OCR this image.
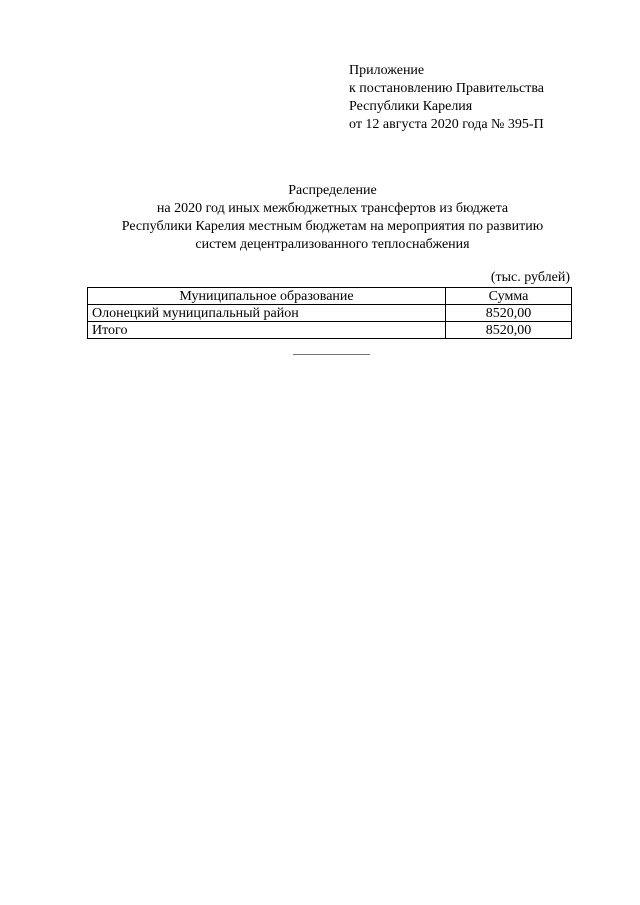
Приложение
к постановлению Правительства
Республики Карелия
от 12 августа 2020 года № 395-П
Распределение
на 2020 год иных межбюджетных трансфертов из бюджета
Республики Карелия местным бюджетам на мероприятия по развитию
систем децентрализованного теплоснабжения
(тыс. рублей)
Муниципальное образование	Сумма
Олонецкий муниципальный район	8520,00
Итого	8520,00
